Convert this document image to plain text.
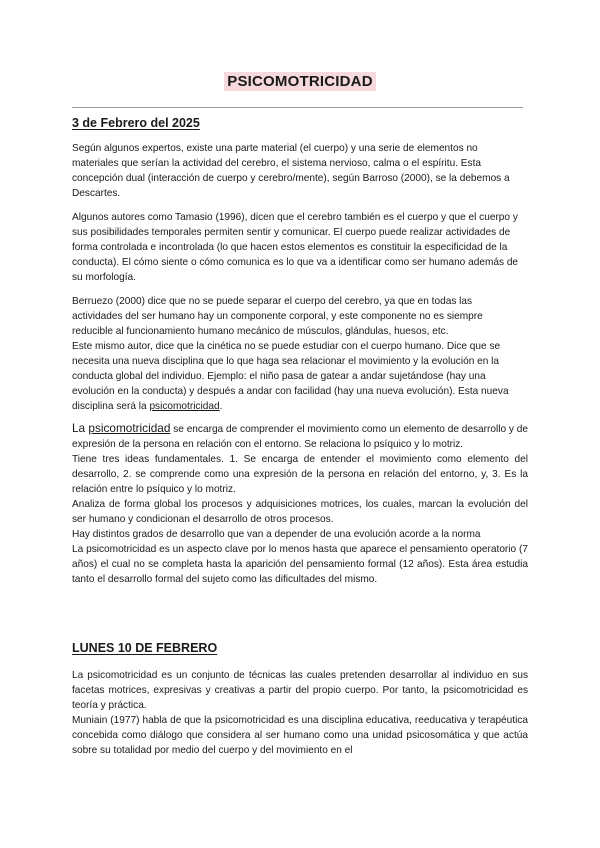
PSICOMOTRICIDAD
3 de Febrero del 2025

Según algunos expertos, existe una parte material (el cuerpo) y una serie de elementos no materiales que serían la actividad del cerebro, el sistema nervioso, calma o el espíritu. Esta concepción dual (interacción de cuerpo y cerebro/mente), según Barroso (2000), se la debemos a Descartes.

Algunos autores como Tamasio (1996), dicen que el cerebro también es el cuerpo y que el cuerpo y sus posibilidades temporales permiten sentir y comunicar. El cuerpo puede realizar actividades de forma controlada e incontrolada (lo que hacen estos elementos es constituir la especificidad de la conducta). El cómo siente o cómo comunica es lo que va a identificar como ser humano además de su morfología.

Berruezo (2000) dice que no se puede separar el cuerpo del cerebro, ya que en todas las actividades del ser humano hay un componente corporal, y este componente no es siempre reducible al funcionamiento humano mecánico de músculos, glándulas, huesos, etc.

Este mismo autor, dice que la cinética no se puede estudiar con el cuerpo humano. Dice que se necesita una nueva disciplina que lo que haga sea relacionar el movimiento y la evolución en la conducta global del individuo. Ejemplo: el niño pasa de gatear a andar sujetándose (hay una evolución en la conducta) y después a andar con facilidad (hay una nueva evolución). Esta nueva disciplina será la psicomotricidad.

La psicomotricidad se encarga de comprender el movimiento como un elemento de desarrollo y de expresión de la persona en relación con el entorno. Se relaciona lo psíquico y lo motriz.

Tiene tres ideas fundamentales. 1. Se encarga de entender el movimiento como elemento del desarrollo, 2. se comprende como una expresión de la persona en relación del entorno, y, 3. Es la relación entre lo psíquico y lo motriz.

Analiza de forma global los procesos y adquisiciones motrices, los cuales, marcan la evolución del ser humano y condicionan el desarrollo de otros procesos.

Hay distintos grados de desarrollo que van a depender de una evolución acorde a la norma

La psicomotricidad es un aspecto clave por lo menos hasta que aparece el pensamiento operatorio (7 años) el cual no se completa hasta la aparición del pensamiento formal (12 años). Esta área estudia tanto el desarrollo formal del sujeto como las dificultades del mismo.

LUNES 10 DE FEBRERO

La psicomotricidad es un conjunto de técnicas las cuales pretenden desarrollar al individuo en sus facetas motrices, expresivas y creativas a partir del propio cuerpo. Por tanto, la psicomotricidad es teoría y práctica.

Muniain (1977) habla de que la psicomotricidad es una disciplina educativa, reeducativa y terapéutica concebida como diálogo que considera al ser humano como una unidad psicosomática y que actúa sobre su totalidad por medio del cuerpo y del movimiento en el
